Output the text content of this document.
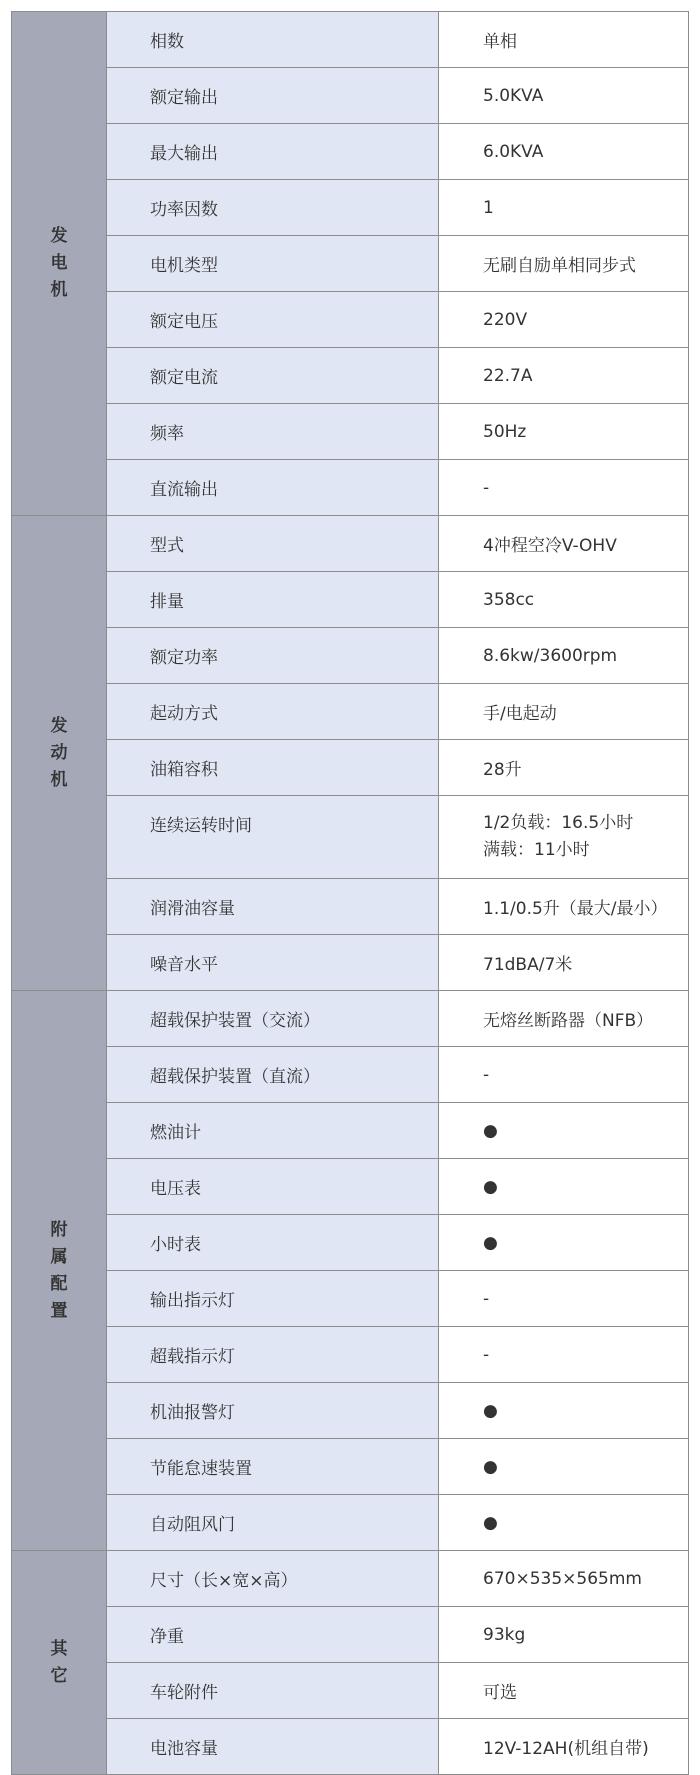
发电机	相数	单相
	额定输出	5.0KVA
	最大输出	6.0KVA
	功率因数	1
	电机类型	无刷自励单相同步式
	额定电压	220V
	额定电流	22.7A
	频率	50Hz
	直流输出	-
发动机	型式	4冲程空冷V-OHV
	排量	358cc
	额定功率	8.6kw/3600rpm
	起动方式	手/电起动
	油箱容积	28升
	连续运转时间	1/2负载：16.5小时
满载：11小时

	润滑油容量	1.1/0.5升（最大/最小）
	噪音水平	71dBA/7米
附属配置	超载保护装置（交流）	无熔丝断路器（NFB）
	超载保护装置（直流）	-
	燃油计	●
	电压表	●
	小时表	●
	输出指示灯	-
	超载指示灯	-
	机油报警灯	●
	节能怠速装置	●
	自动阻风门	●
其它	尺寸（长×宽×高）	670×535×565mm
	净重	93kg
	车轮附件	可选
	电池容量	12V-12AH(机组自带)
